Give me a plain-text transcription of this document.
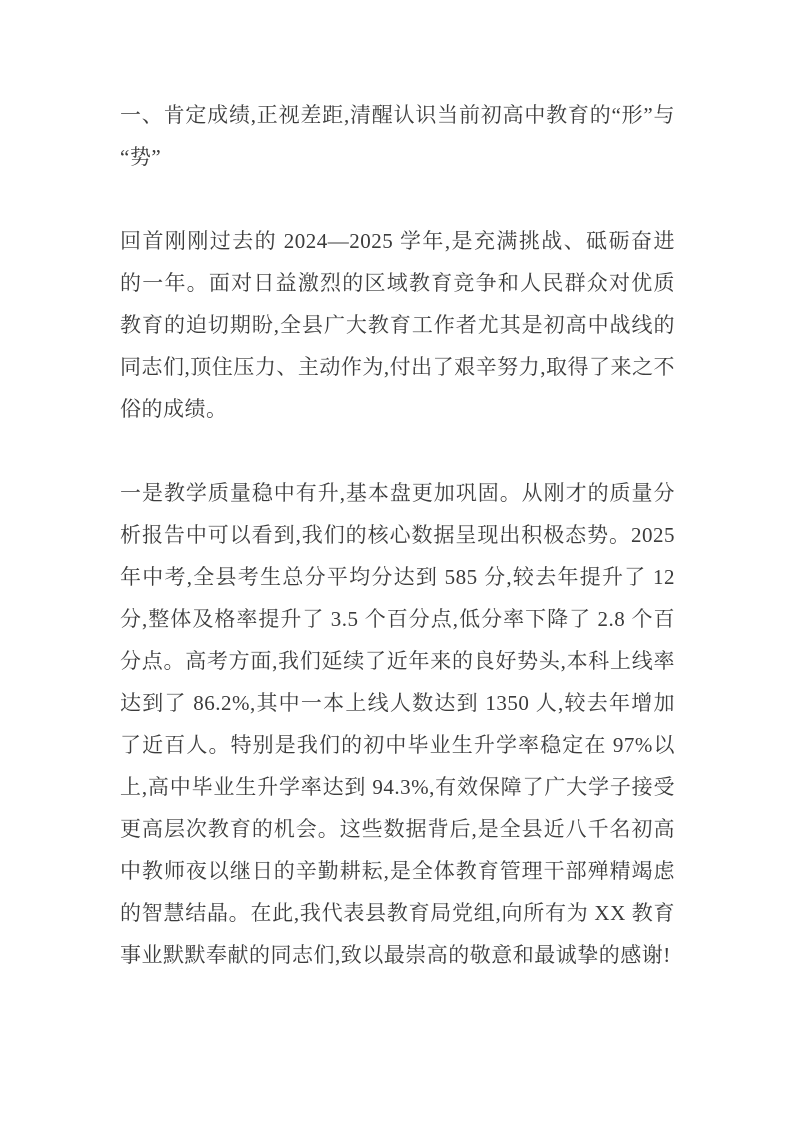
一、肯定成绩,正视差距,清醒认识当前初高中教育的“形”与“势”

回首刚刚过去的 2024—2025 学年,是充满挑战、砥砺奋进的一年。面对日益激烈的区域教育竞争和人民群众对优质教育的迫切期盼,全县广大教育工作者尤其是初高中战线的同志们,顶住压力、主动作为,付出了艰辛努力,取得了来之不俗的成绩。

一是教学质量稳中有升,基本盘更加巩固。从刚才的质量分析报告中可以看到,我们的核心数据呈现出积极态势。2025 年中考,全县考生总分平均分达到 585 分,较去年提升了 12 分,整体及格率提升了 3.5 个百分点,低分率下降了 2.8 个百分点。高考方面,我们延续了近年来的良好势头,本科上线率达到了 86.2%,其中一本上线人数达到 1350 人,较去年增加了近百人。特别是我们的初中毕业生升学率稳定在 97%以上,高中毕业生升学率达到 94.3%,有效保障了广大学子接受更高层次教育的机会。这些数据背后,是全县近八千名初高中教师夜以继日的辛勤耕耘,是全体教育管理干部殚精竭虑的智慧结晶。在此,我代表县教育局党组,向所有为 XX 教育事业默默奉献的同志们,致以最崇高的敬意和最诚挚的感谢!
